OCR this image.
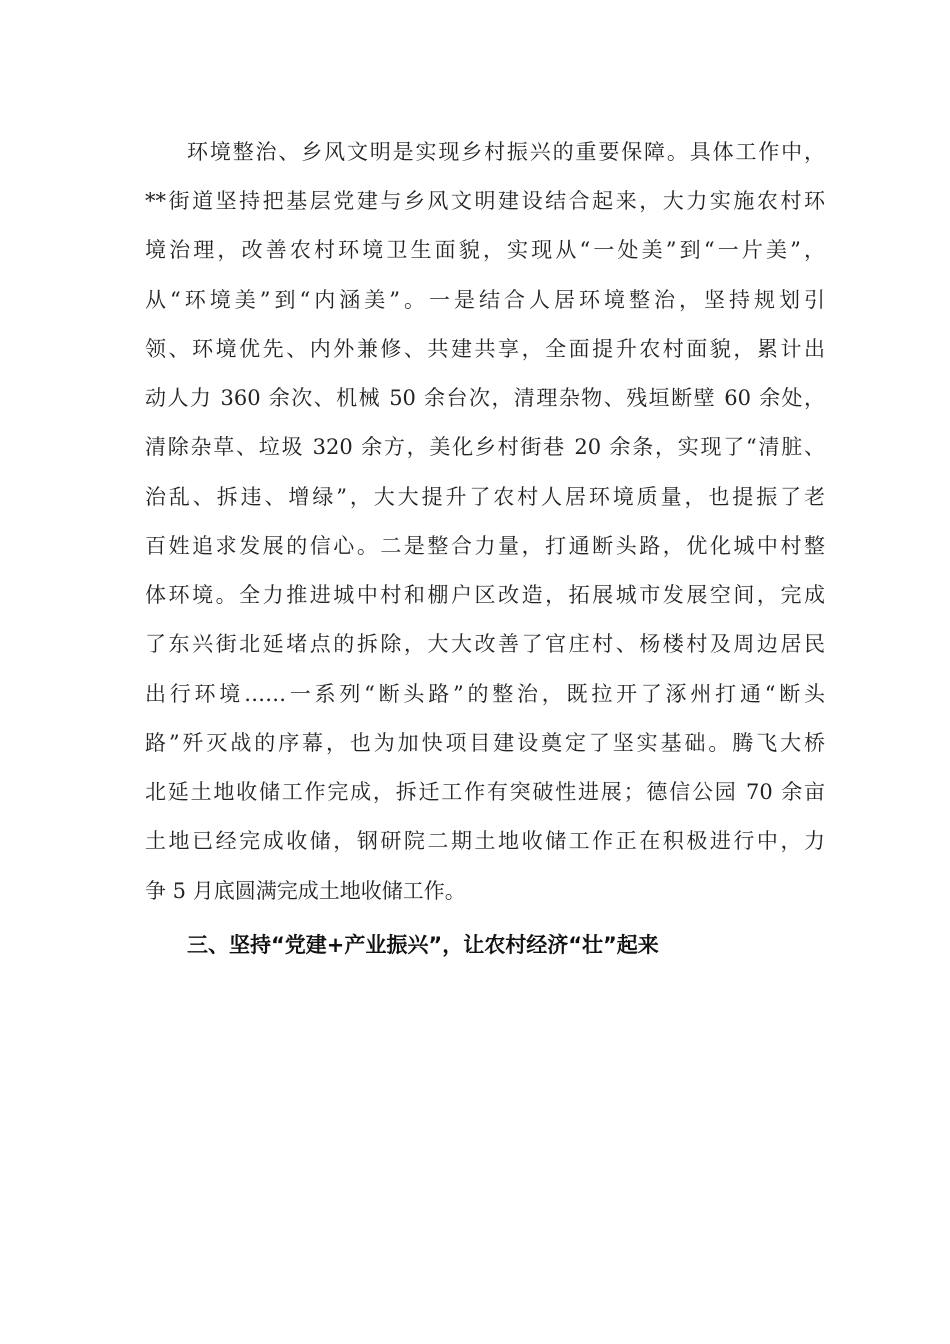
环境整治、乡风文明是实现乡村振兴的重要保障。具体工作中，
**街道坚持把基层党建与乡风文明建设结合起来，大力实施农村环
境治理，改善农村环境卫生面貌，实现从“一处美”到“一片美”，
从“环境美”到“内涵美”。一是结合人居环境整治，坚持规划引
领、环境优先、内外兼修、共建共享，全面提升农村面貌，累计出
动人力 360 余次、机械 50 余台次，清理杂物、残垣断壁 60 余处，
清除杂草、垃圾 320 余方，美化乡村街巷 20 余条，实现了“清脏、
治乱、拆违、增绿”，大大提升了农村人居环境质量，也提振了老
百姓追求发展的信心。二是整合力量，打通断头路，优化城中村整
体环境。全力推进城中村和棚户区改造，拓展城市发展空间，完成
了东兴街北延堵点的拆除，大大改善了官庄村、杨楼村及周边居民
出行环境……一系列“断头路”的整治，既拉开了涿州打通“断头
路”歼灭战的序幕，也为加快项目建设奠定了坚实基础。腾飞大桥
北延土地收储工作完成，拆迁工作有突破性进展；德信公园 70 余亩
土地已经完成收储，钢研院二期土地收储工作正在积极进行中，力
争 5 月底圆满完成土地收储工作。
三、坚持“党建+产业振兴”，让农村经济“壮”起来
